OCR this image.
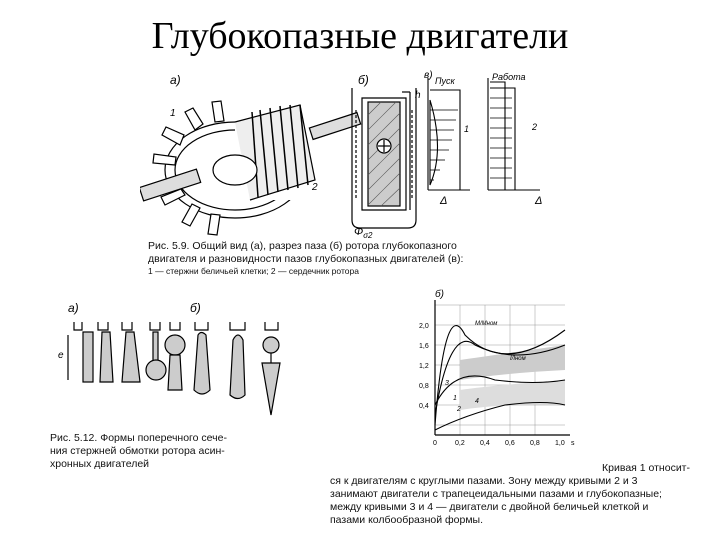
Глубокопазные двигатели
a)
1
2
б)
h
$\Phi_{\sigma 2}$
в) Пуск	Работа
1	2
Δ	Δ
Рис. 5.9. Общий вид (а), разрез паза (б) ротора глубокопазного
двигателя и разновидности пазов глубокопазных двигателей (в):
1 — стержни беличьей клетки; 2 — сердечник ротора
а)	б)
e
Рис. 5.12. Формы поперечного сече-
ния стержней обмотки ротора асин-
хронных двигателей
б)
M/Mном
I/Iном
1
2
3
4
2,0
1,6
1,2
0,8
0,4
0	0,2 0,4 0,6 0,8 1,0 s
Кривая 1 относит-
ся к двигателям с круглыми пазами. Зону между кривыми 2 и 3
занимают двигатели с трапецеидальными пазами и глубокопазные;
между кривыми 3 и 4 — двигатели с двойной беличьей клеткой и
пазами колбообразной формы.
